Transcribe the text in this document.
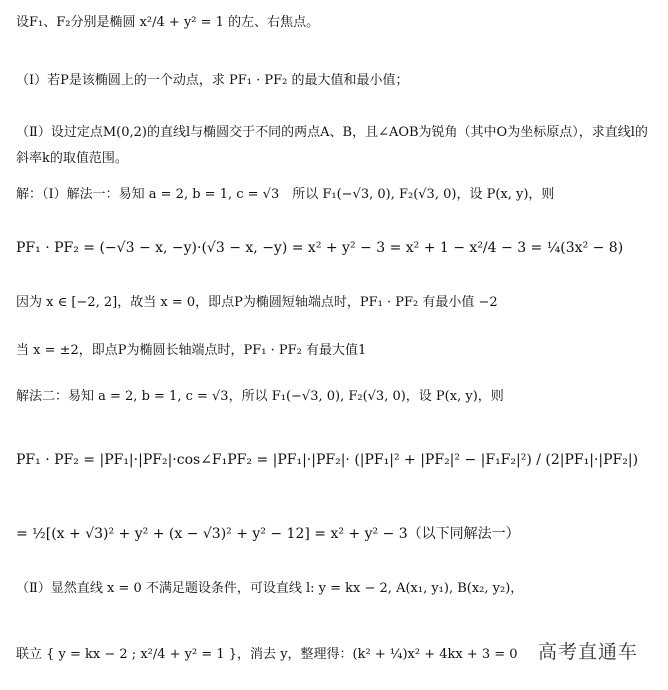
设F₁、F₂分别是椭圆 x²/4 + y² = 1 的左、右焦点。
（Ⅰ）若P是该椭圆上的一个动点，求 PF₁ · PF₂ 的最大值和最小值；
（Ⅱ）设过定点M(0,2)的直线l与椭圆交于不同的两点A、B，且∠AOB为锐角（其中O为坐标原点），求直线l的
斜率k的取值范围。
解：（Ⅰ）解法一：易知 a = 2, b = 1, c = √3　所以 F₁(−√3, 0), F₂(√3, 0)，设 P(x, y)，则
PF₁ · PF₂ = (−√3 − x, −y)·(√3 − x, −y) = x² + y² − 3 = x² + 1 − x²/4 − 3 = ¼(3x² − 8)
因为 x ∈ [−2, 2]，故当 x = 0，即点P为椭圆短轴端点时，PF₁ · PF₂ 有最小值 −2
当 x = ±2，即点P为椭圆长轴端点时，PF₁ · PF₂ 有最大值1
解法二：易知 a = 2, b = 1, c = √3，所以 F₁(−√3, 0), F₂(√3, 0)，设 P(x, y)，则
PF₁ · PF₂ = |PF₁|·|PF₂|·cos∠F₁PF₂ = |PF₁|·|PF₂|· (|PF₁|² + |PF₂|² − |F₁F₂|²) / (2|PF₁|·|PF₂|)
= ½[(x + √3)² + y² + (x − √3)² + y² − 12] = x² + y² − 3（以下同解法一）
（Ⅱ）显然直线 x = 0 不满足题设条件，可设直线 l: y = kx − 2, A(x₁, y₁), B(x₂, y₂)，
联立 { y = kx − 2 ; x²/4 + y² = 1 }，消去 y，整理得：(k² + ¼)x² + 4kx + 3 = 0	高考直通车
